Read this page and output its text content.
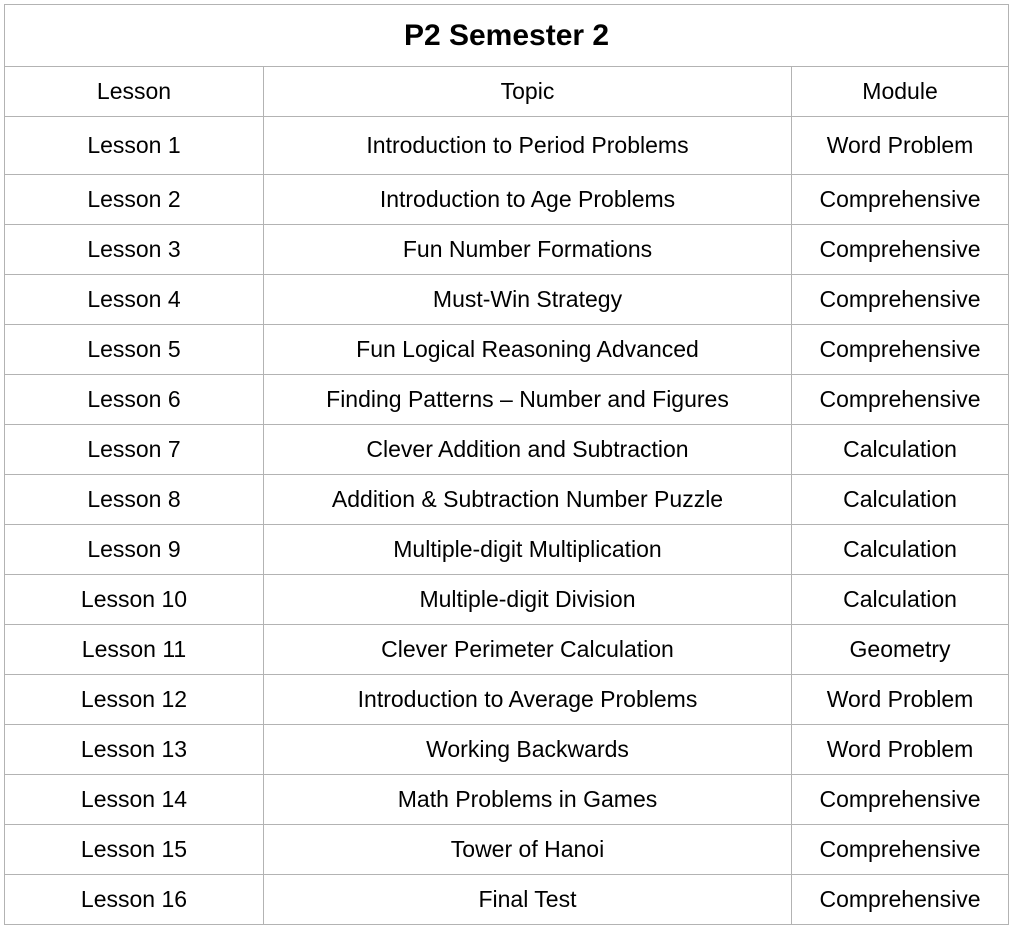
P2 Semester 2		
Lesson	Topic	Module
Lesson 1	Introduction to Period Problems	Word Problem
Lesson 2	Introduction to Age Problems	Comprehensive
Lesson 3	Fun Number Formations	Comprehensive
Lesson 4	Must-Win Strategy	Comprehensive
Lesson 5	Fun Logical Reasoning Advanced	Comprehensive
Lesson 6	Finding Patterns – Number and Figures	Comprehensive
Lesson 7	Clever Addition and Subtraction	Calculation
Lesson 8	Addition & Subtraction Number Puzzle	Calculation
Lesson 9	Multiple-digit Multiplication	Calculation
Lesson 10	Multiple-digit Division	Calculation
Lesson 11	Clever Perimeter Calculation	Geometry
Lesson 12	Introduction to Average Problems	Word Problem
Lesson 13	Working Backwards	Word Problem
Lesson 14	Math Problems in Games	Comprehensive
Lesson 15	Tower of Hanoi	Comprehensive
Lesson 16	Final Test	Comprehensive
